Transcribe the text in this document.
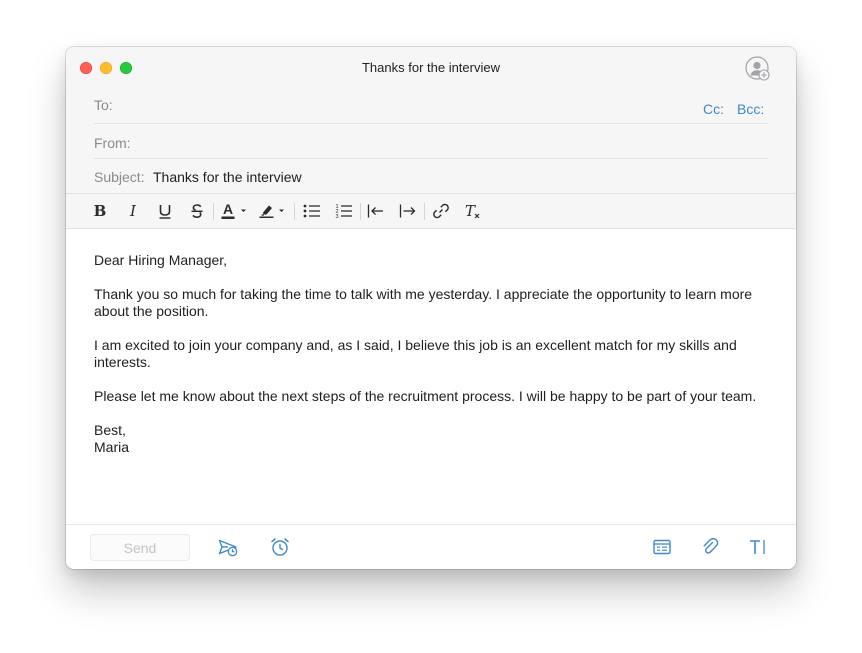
Thanks for the interview
To:	Cc: Bcc:
From:
Subject: Thanks for the interview
B I	A	1
2
3	T

Dear Hiring Manager,

Thank you so much for taking the time to talk with me yesterday. I appreciate the opportunity to learn more about the position.

I am excited to join your company and, as I said, I believe this job is an excellent match for my skills and interests.

Please let me know about the next steps of the recruitment process. I will be happy to be part of your team.

Best,
Maria
Send
